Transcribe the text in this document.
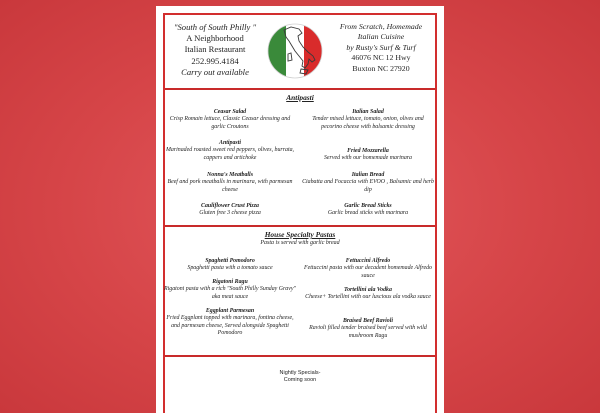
"South of South Philly "
A Neighborhood
Italian Restaurant
252.995.4184
Carry out available
From Scratch, Homemade
Italian Cuisine
by Rusty's Surf & Turf
46076 NC 12 Hwy
Buxton NC 27920
Antipasti
Ceasar Salad
Crisp Romain lettuce, Classic Ceasar dressing and garlic Croutons
Antipasti
Marinaded roasted sweet red peppers, olives, burrata, cappers and artichoke
Nonna's Meatballs
Beef and pork meatballs in marinara, with parmesan cheese
Cauliflower Crust Pizza
Gluten free 3 cheese pizza
Italian Salad
Tender mixed lettuce, tomato, onion, olives and pecorino cheese with balsamic dressing
Fried Mozzarella
Served with our homemade marinara
Italian Bread
Ciabatta and Focaccia with EVOO , Balsamic and herb dip
Garlic Bread Sticks
Garlic bread sticks with marinara
House Specialty Pastas
Pasta is served with garlic bread
Spaghetti Pomodoro
Spaghetti pasta with a tomato sauce
Rigatoni Ragu
Rigatoni pasta with a rich "South Philly Sunday Gravy" aka meat sauce
Eggplant Parmesan
Fried Eggplant topped with marinara, fontina cheese, and parmesan cheese, Served alongside Spaghetti Pomodoro
Fettuccini Alfredo
Fettuccini pasta with our decadent homemade Alfredo sauce
Tortellini ala Vodka
Cheese+ Tortellini with our luscious ala vodka sauce
Braised Beef Ravioli
Ravioli filled tender braised beef served with wild mushroom Ragu
Nightly Specials-
Coming soon
